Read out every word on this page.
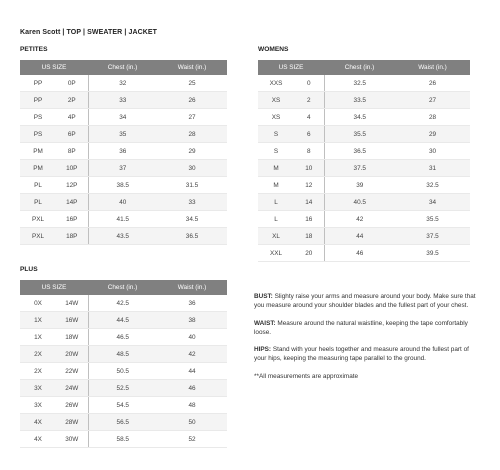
Karen Scott | TOP | SWEATER | JACKET
PETITES
US SIZE		Chest (in.)	Waist (in.)
PP	0P	32	25
PP	2P	33	26
PS	4P	34	27
PS	6P	35	28
PM	8P	36	29
PM	10P	37	30
PL	12P	38.5	31.5
PL	14P	40	33
PXL	16P	41.5	34.5
PXL	18P	43.5	36.5
WOMENS
US SIZE		Chest (in.)	Waist (in.)
XXS	0	32.5	26
XS	2	33.5	27
XS	4	34.5	28
S	6	35.5	29
S	8	36.5	30
M	10	37.5	31
M	12	39	32.5
L	14	40.5	34
L	16	42	35.5
XL	18	44	37.5
XXL	20	46	39.5
PLUS
US SIZE		Chest (in.)	Waist (in.)
0X	14W	42.5	36
1X	16W	44.5	38
1X	18W	46.5	40
2X	20W	48.5	42
2X	22W	50.5	44
3X	24W	52.5	46
3X	26W	54.5	48
4X	28W	56.5	50
4X	30W	58.5	52

BUST: Slighty raise your arms and measure around your body. Make sure that you measure around your shoulder blades and the fullest part of your chest.

WAIST: Measure around the natural waistline, keeping the tape comfortably loose.

HIPS: Stand with your heels together and measure around the fullest part of your hips, keeping the measuring tape parallel to the ground.

**All measurements are approximate
